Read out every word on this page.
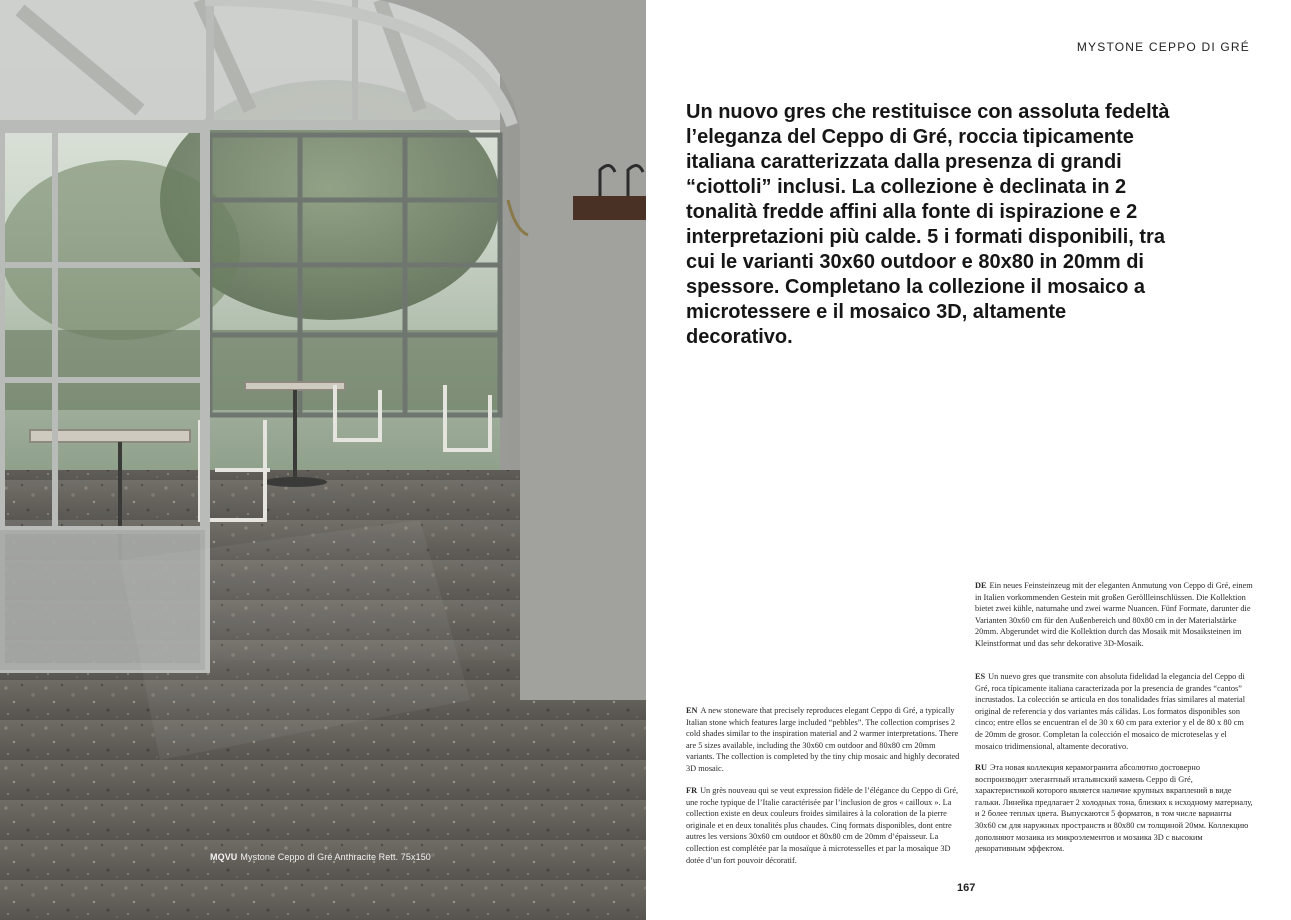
MQVU Mystone Ceppo di Gré Anthracite Rett. 75x150
MYSTONE CEPPO DI GRÉ

Un nuovo gres che restituisce con assoluta fedeltà l’eleganza del Ceppo di Gré, roccia tipicamente italiana caratterizzata dalla presenza di grandi “ciottoli” inclusi. La collezione è declinata in 2 tonalità fredde affini alla fonte di ispirazione e 2 interpretazioni più calde. 5 i formati disponibili, tra cui le varianti 30x60 outdoor e 80x80 in 20mm di spessore. Completano la collezione il mosaico a microtessere e il mosaico 3D, altamente decorativo.

EN A new stoneware that precisely reproduces elegant Ceppo di Gré, a typically Italian stone which features large included “pebbles”. The collection comprises 2 cold shades similar to the inspiration material and 2 warmer interpretations. There are 5 sizes available, including the 30x60 cm outdoor and 80x80 cm 20mm variants. The collection is completed by the tiny chip mosaic and highly decorated 3D mosaic.

FR Un grès nouveau qui se veut expression fidèle de l’élégance du Ceppo di Gré, une roche typique de l’Italie caractérisée par l’inclusion de gros « cailloux ». La collection existe en deux couleurs froides similaires à la coloration de la pierre originale et en deux tonalités plus chaudes. Cinq formats disponibles, dont entre autres les versions 30x60 cm outdoor et 80x80 cm de 20mm d’épaisseur. La collection est complétée par la mosaïque à microtesselles et par la mosaïque 3D dotée d’un fort pouvoir décoratif.

DE Ein neues Feinsteinzeug mit der eleganten Anmutung von Ceppo di Gré, einem in Italien vorkommenden Gestein mit großen Geröllleinschlüssen. Die Kollektion bietet zwei kühle, naturnahe und zwei warme Nuancen. Fünf Formate, darunter die Varianten 30x60 cm für den Außenbereich und 80x80 cm in der Materialstärke 20mm. Abgerundet wird die Kollektion durch das Mosaik mit Mosaiksteinen im Kleinstformat und das sehr dekorative 3D-Mosaik.

ES Un nuevo gres que transmite con absoluta fidelidad la elegancia del Ceppo di Gré, roca típicamente italiana caracterizada por la presencia de grandes “cantos” incrustados. La colección se articula en dos tonalidades frías similares al material original de referencia y dos variantes más cálidas. Los formatos disponibles son cinco; entre ellos se encuentran el de 30 x 60 cm para exterior y el de 80 x 80 cm de 20mm de grosor. Completan la colección el mosaico de microteselas y el mosaico tridimensional, altamente decorativo.

RU Эта новая коллекция керамогранита абсолютно достоверно воспроизводит элегантный итальянский камень Ceppo di Gré, характеристикой которого является наличие крупных вкраплений в виде гальки. Линейка предлагает 2 холодных тона, близких к исходному материалу, и 2 более теплых цвета. Выпускаются 5 форматов, в том числе варианты 30x60 см для наружных пространств и 80x80 см толщиной 20мм. Коллекцию дополняют мозаика из микроэлементов и мозаика 3D с высоким декоративным эффектом.

167
